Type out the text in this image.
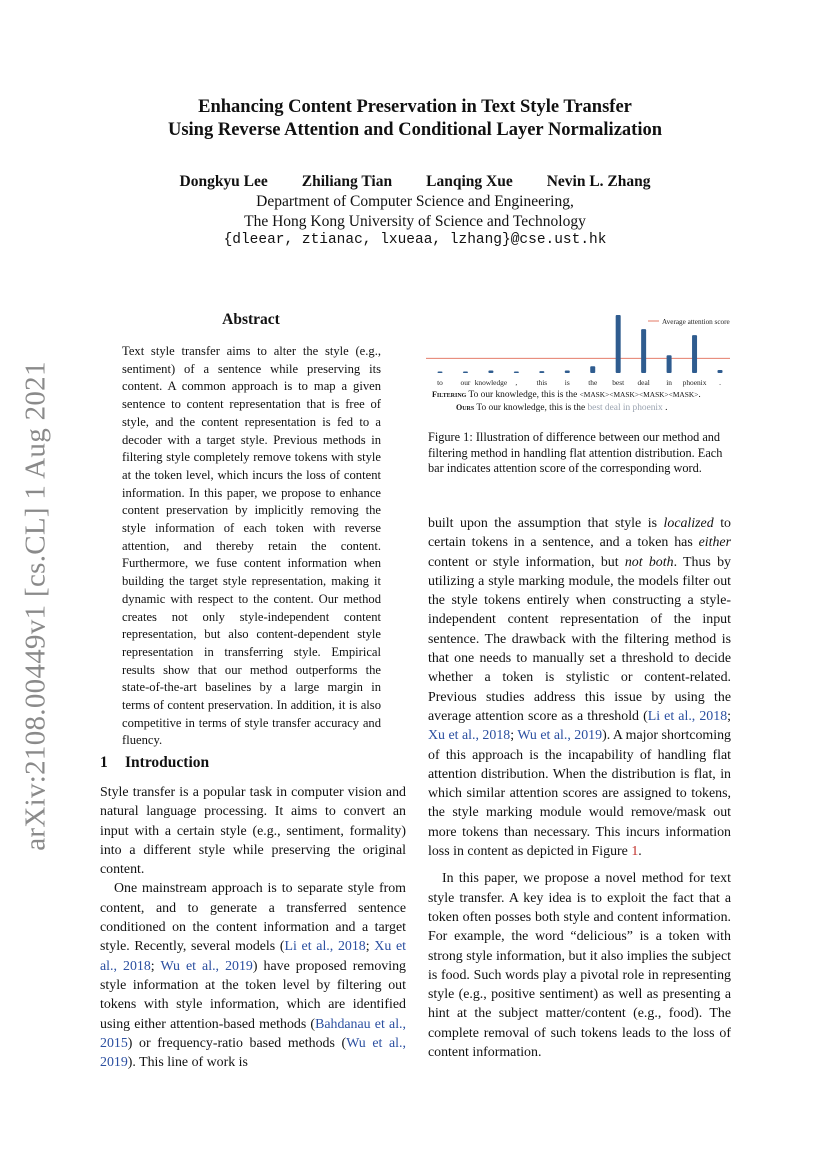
arXiv:2108.00449v1 [cs.CL] 1 Aug 2021
Enhancing Content Preservation in Text Style Transfer
Using Reverse Attention and Conditional Layer Normalization
Dongkyu Lee Zhiliang Tian Lanqing Xue Nevin L. Zhang
Department of Computer Science and Engineering,
The Hong Kong University of Science and Technology
{dleear, ztianac, lxueaa, lzhang}@cse.ust.hk
Abstract
Text style transfer aims to alter the style (e.g., sentiment) of a sentence while preserving its content. A common approach is to map a given sentence to content representation that is free of style, and the content representation is fed to a decoder with a target style. Previous methods in filtering style completely remove tokens with style at the token level, which incurs the loss of content information. In this paper, we propose to enhance content preservation by implicitly removing the style information of each token with reverse attention, and thereby retain the content. Furthermore, we fuse content information when building the target style representation, making it dynamic with respect to the content. Our method creates not only style-independent content representation, but also content-dependent style representation in transferring style. Empirical results show that our method outperforms the state-of-the-art baselines by a large margin in terms of content preservation. In addition, it is also competitive in terms of style transfer accuracy and fluency.
1 Introduction

Style transfer is a popular task in computer vision and natural language processing. It aims to convert an input with a certain style (e.g., sentiment, formality) into a different style while preserving the original content.

One mainstream approach is to separate style from content, and to generate a transferred sentence conditioned on the content information and a target style. Recently, several models (Li et al., 2018; Xu et al., 2018; Wu et al., 2019) have proposed removing style information at the token level by filtering out tokens with style information, which are identified using either attention-based methods (Bahdanau et al., 2015) or frequency-ratio based methods (Wu et al., 2019). This line of work is

Average attention score
to our knowledge ,	this is the best deal in phoenix .
Filtering To our knowledge, this is the <MASK><MASK><MASK><MASK>.
Ours To our knowledge, this is the best deal in phoenix .
Figure 1: Illustration of difference between our method and filtering method in handling flat attention distribution. Each bar indicates attention score of the corresponding word.

built upon the assumption that style is localized to certain tokens in a sentence, and a token has either content or style information, but not both. Thus by utilizing a style marking module, the models filter out the style tokens entirely when constructing a style-independent content representation of the input sentence. The drawback with the filtering method is that one needs to manually set a threshold to decide whether a token is stylistic or content-related. Previous studies address this issue by using the average attention score as a threshold (Li et al., 2018; Xu et al., 2018; Wu et al., 2019). A major shortcoming of this approach is the incapability of handling flat attention distribution. When the distribution is flat, in which similar attention scores are assigned to tokens, the style marking module would remove/mask out more tokens than necessary. This incurs information loss in content as depicted in Figure 1.

In this paper, we propose a novel method for text style transfer. A key idea is to exploit the fact that a token often posses both style and content information. For example, the word “delicious” is a token with strong style information, but it also implies the subject is food. Such words play a pivotal role in representing style (e.g., positive sentiment) as well as presenting a hint at the subject matter/content (e.g., food). The complete removal of such tokens leads to the loss of content information.
